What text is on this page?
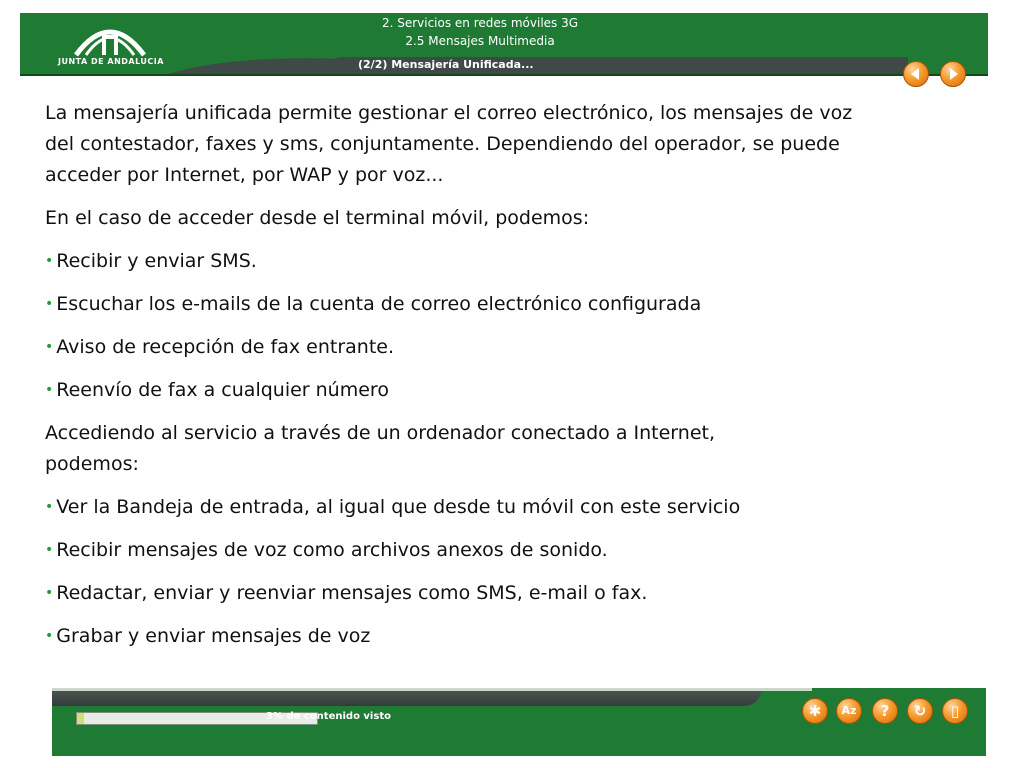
JUNTA DE ANDALUCIA
2. Servicios en redes móviles 3G
2.5 Mensajes Multimedia
(2/2) Mensajería Unificada...

La mensajería unificada permite gestionar el correo electrónico, los mensajes de voz del contestador, faxes y sms, conjuntamente. Dependiendo del operador, se puede acceder por Internet, por WAP y por voz...

En el caso de acceder desde el terminal móvil, podemos:

• Recibir y enviar SMS.
• Escuchar los e-mails de la cuenta de correo electrónico configurada
• Aviso de recepción de fax entrante.
• Reenvío de fax a cualquier número

Accediendo al servicio a través de un ordenador conectado a Internet, podemos:

• Ver la Bandeja de entrada, al igual que desde tu móvil con este servicio
• Recibir mensajes de voz como archivos anexos de sonido.
• Redactar, enviar y reenviar mensajes como SMS, e-mail o fax.
• Grabar y enviar mensajes de voz
3% de contenido visto	✱	Az	?	↻	▯
